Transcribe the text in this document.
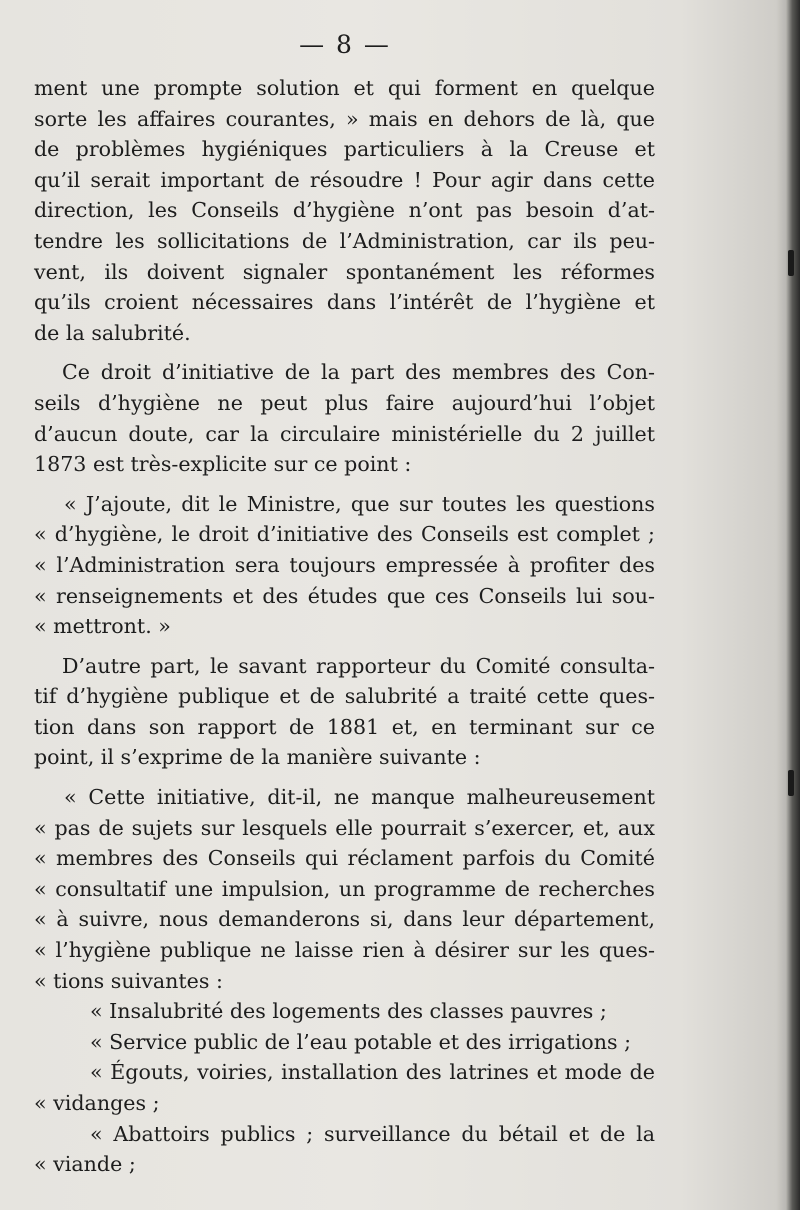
— 8 —
ment une prompte solution et qui forment en quelque
sorte les affaires courantes, » mais en dehors de là, que
de problèmes hygiéniques particuliers à la Creuse et
qu’il serait important de résoudre ! Pour agir dans cette
direction, les Conseils d’hygiène n’ont pas besoin d’at-
tendre les sollicitations de l’Administration, car ils peu-
vent, ils doivent signaler spontanément les réformes
qu’ils croient nécessaires dans l’intérêt de l’hygiène et
de la salubrité.
Ce droit d’initiative de la part des membres des Con-
seils d’hygiène ne peut plus faire aujourd’hui l’objet
d’aucun doute, car la circulaire ministérielle du 2 juillet
1873 est très-explicite sur ce point :
« J’ajoute, dit le Ministre, que sur toutes les questions
« d’hygiène, le droit d’initiative des Conseils est complet ;
« l’Administration sera toujours empressée à profiter des
« renseignements et des études que ces Conseils lui sou-
« mettront. »
D’autre part, le savant rapporteur du Comité consulta-
tif d’hygiène publique et de salubrité a traité cette ques-
tion dans son rapport de 1881 et, en terminant sur ce
point, il s’exprime de la manière suivante :
« Cette initiative, dit-il, ne manque malheureusement
« pas de sujets sur lesquels elle pourrait s’exercer, et, aux
« membres des Conseils qui réclament parfois du Comité
« consultatif une impulsion, un programme de recherches
« à suivre, nous demanderons si, dans leur département,
« l’hygiène publique ne laisse rien à désirer sur les ques-
« tions suivantes :
« Insalubrité des logements des classes pauvres ;
« Service public de l’eau potable et des irrigations ;
« Égouts, voiries, installation des latrines et mode de
« vidanges ;
« Abattoirs publics ; surveillance du bétail et de la
« viande ;
